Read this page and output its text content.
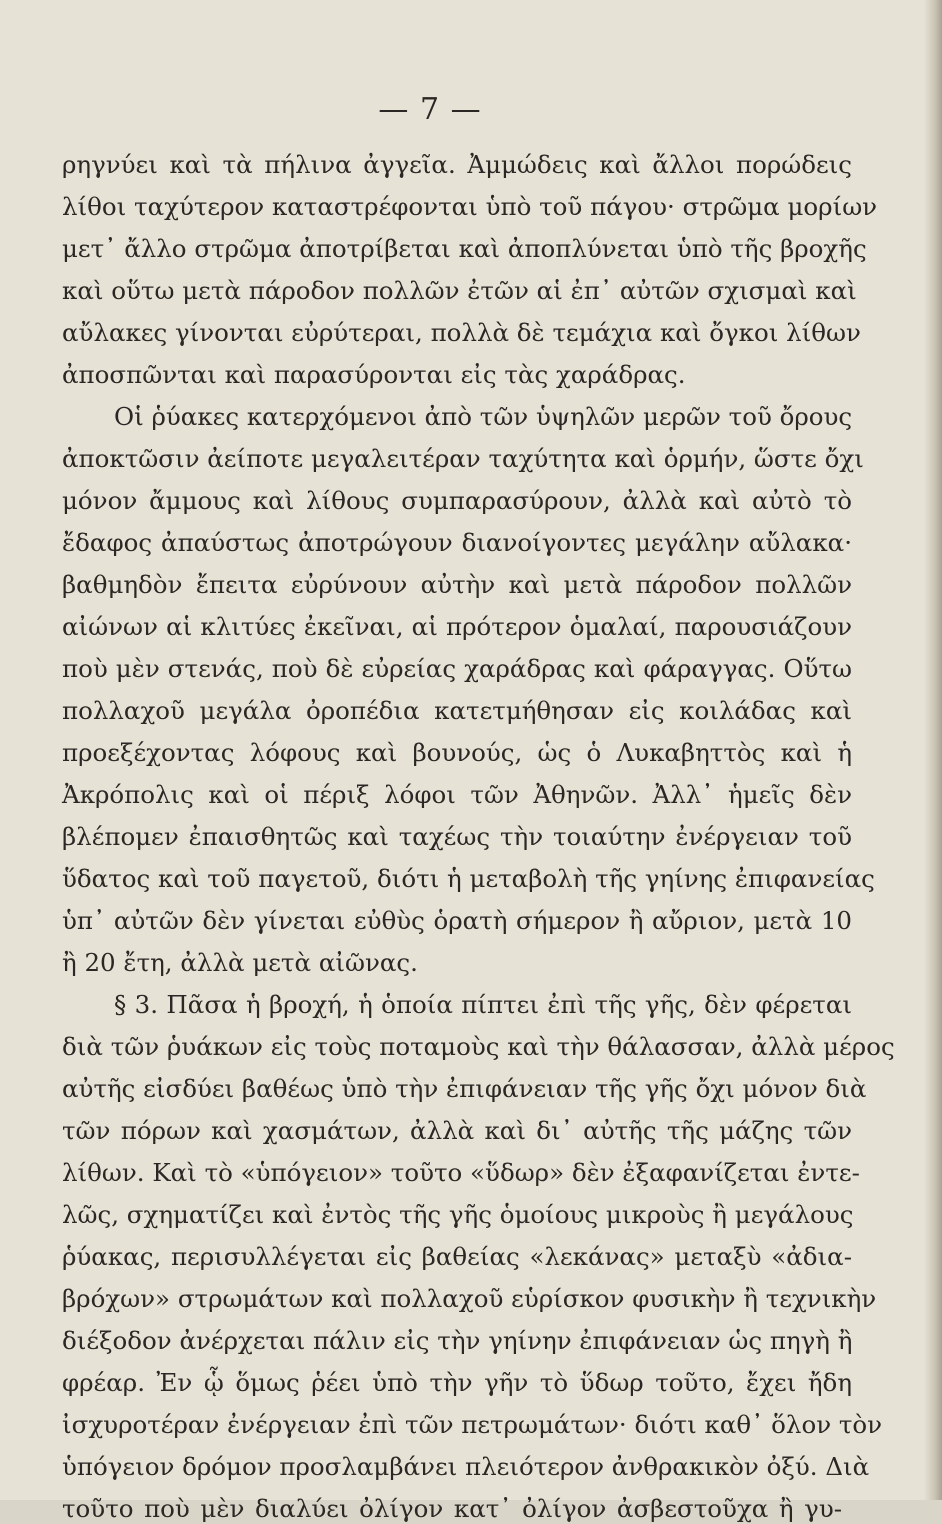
— 7 —
ρηγνύει καὶ τὰ πήλινα ἀγγεῖα. Ἀμμώδεις καὶ ἄλλοι πορώδεις
λίθοι ταχύτερον καταστρέφονται ὑπὸ τοῦ πάγου· στρῶμα μορίων
μετ᾿ ἄλλο στρῶμα ἀποτρίβεται καὶ ἀποπλύνεται ὑπὸ τῆς βροχῆς
καὶ οὕτω μετὰ πάροδον πολλῶν ἐτῶν αἱ ἐπ᾿ αὐτῶν σχισμαὶ καὶ
αὔλακες γίνονται εὐρύτεραι, πολλὰ δὲ τεμάχια καὶ ὄγκοι λίθων
ἀποσπῶνται καὶ παρασύρονται εἰς τὰς χαράδρας.
Οἱ ῥύακες κατερχόμενοι ἀπὸ τῶν ὑψηλῶν μερῶν τοῦ ὄρους
ἀποκτῶσιν ἀείποτε μεγαλειτέραν ταχύτητα καὶ ὁρμήν, ὥστε ὄχι
μόνον ἄμμους καὶ λίθους συμπαρασύρουν, ἀλλὰ καὶ αὐτὸ τὸ
ἔδαφος ἀπαύστως ἀποτρώγουν διανοίγοντες μεγάλην αὔλακα·
βαθμηδὸν ἔπειτα εὐρύνουν αὐτὴν καὶ μετὰ πάροδον πολλῶν
αἰώνων αἱ κλιτύες ἐκεῖναι, αἱ πρότερον ὁμαλαί, παρουσιάζουν
ποὺ μὲν στενάς, ποὺ δὲ εὐρείας χαράδρας καὶ φάραγγας. Οὕτω
πολλαχοῦ μεγάλα ὀροπέδια κατετμήθησαν εἰς κοιλάδας καὶ
προεξέχοντας λόφους καὶ βουνούς, ὡς ὁ Λυκαβηττὸς καὶ ἡ
Ἀκρόπολις καὶ οἱ πέριξ λόφοι τῶν Ἀθηνῶν. Ἀλλ᾿ ἡμεῖς δὲν
βλέπομεν ἐπαισθητῶς καὶ ταχέως τὴν τοιαύτην ἐνέργειαν τοῦ
ὕδατος καὶ τοῦ παγετοῦ, διότι ἡ μεταβολὴ τῆς γηίνης ἐπιφανείας
ὑπ᾿ αὐτῶν δὲν γίνεται εὐθὺς ὁρατὴ σήμερον ἢ αὔριον, μετὰ 10
ἢ 20 ἔτη, ἀλλὰ μετὰ αἰῶνας.
§ 3. Πᾶσα ἡ βροχή, ἡ ὁποία πίπτει ἐπὶ τῆς γῆς, δὲν φέρεται
διὰ τῶν ῥυάκων εἰς τοὺς ποταμοὺς καὶ τὴν θάλασσαν, ἀλλὰ μέρος
αὐτῆς εἰσδύει βαθέως ὑπὸ τὴν ἐπιφάνειαν τῆς γῆς ὄχι μόνον διὰ
τῶν πόρων καὶ χασμάτων, ἀλλὰ καὶ δι᾿ αὐτῆς τῆς μάζης τῶν
λίθων. Καὶ τὸ «ὑπόγειον» τοῦτο «ὕδωρ» δὲν ἐξαφανίζεται ἐντε-
λῶς, σχηματίζει καὶ ἐντὸς τῆς γῆς ὁμοίους μικροὺς ἢ μεγάλους
ῥύακας, περισυλλέγεται εἰς βαθείας «λεκάνας» μεταξὺ «ἀδια-
βρόχων» στρωμάτων καὶ πολλαχοῦ εὑρίσκον φυσικὴν ἢ τεχνικὴν
διέξοδον ἀνέρχεται πάλιν εἰς τὴν γηίνην ἐπιφάνειαν ὡς πηγὴ ἢ
φρέαρ. Ἐν ᾧ ὅμως ῥέει ὑπὸ τὴν γῆν τὸ ὕδωρ τοῦτο, ἔχει ἤδη
ἰσχυροτέραν ἐνέργειαν ἐπὶ τῶν πετρωμάτων· διότι καθ᾿ ὅλον τὸν
ὑπόγειον δρόμον προσλαμβάνει πλειότερον ἀνθρακικὸν ὀξύ. Διὰ
τοῦτο ποὺ μὲν διαλύει ὀλίγον κατ᾿ ὀλίγον ἀσβεστοῦχα ἢ γυ-
